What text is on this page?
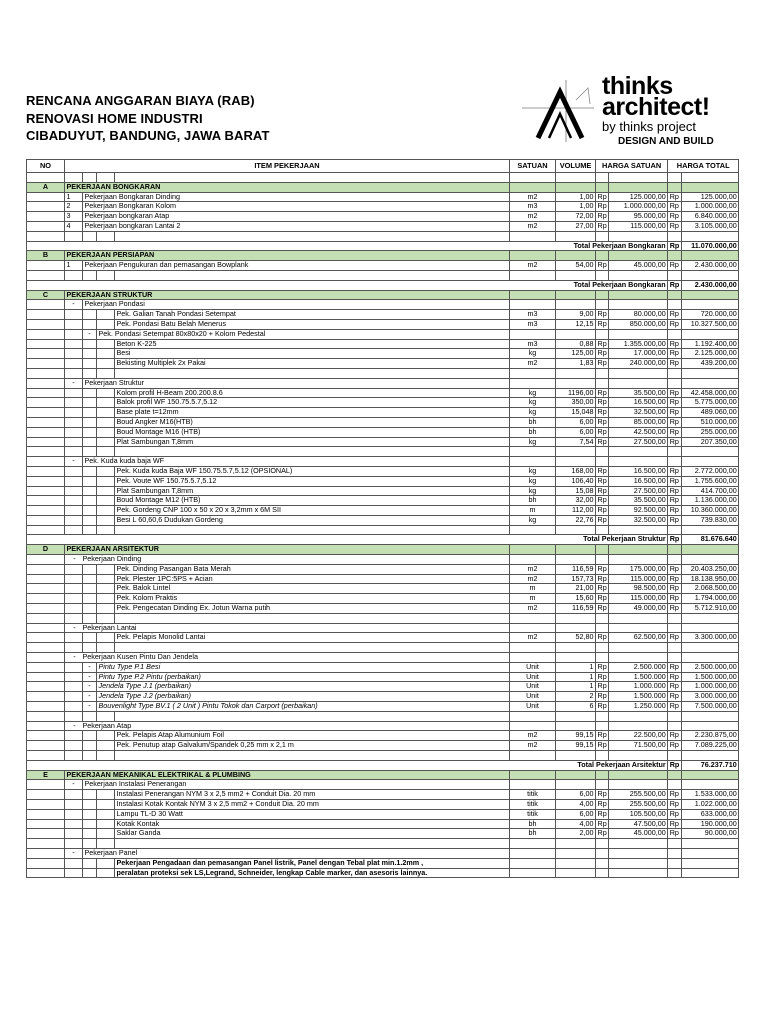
RENCANA ANGGARAN BIAYA (RAB)
RENOVASI HOME INDUSTRI
CIBADUYUT, BANDUNG, JAWA BARAT
thinks
architect!
by thinks project
DESIGN AND BUILD
NO	ITEM PEKERJAAN				SATUAN	VOLUME	HARGA SATUAN		HARGA TOTAL	

A	PEKERJAAN BONGKARAN									
	1	Pekerjaan Bongkaran Dinding			m2	1,00	Rp	125.000,00	Rp	125.000,00
	2	Pekerjaan Bongkaran Kolom			m3	1,00	Rp	1.000.000,00	Rp	1.000.000,00
	3	Pekerjaan bongkaran Atap			m2	72,00	Rp	95.000,00	Rp	6.840.000,00
	4	Pekerjaan bongkaran Lantai 2			m2	27,00	Rp	115.000,00	Rp	3.105.000,00

Total Pekerjaan Bongkaran									Rp	11.070.000,00
B	PEKERJAAN PERSIAPAN									
	1	Pekerjaan Pengukuran dan pemasangan Bowplank			m2	54,00	Rp	45.000,00	Rp	2.430.000,00

Total Pekerjaan Bongkaran									Rp	2.430.000,00
C	PEKERJAAN STRUKTUR									
	-	Pekerjaan Pondasi								
				Pek. Galian Tanah Pondasi Setempat	m3	9,00	Rp	80.000,00	Rp	720.000,00
				Pek. Pondasi Batu Belah Menerus	m3	12,15	Rp	850.000,00	Rp	10.327.500,00
		-	Pek. Pondasi Setempat 80x80x20 + Kolom Pedestal							
				Beton K-225	m3	0,88	Rp	1.355.000,00	Rp	1.192.400,00
				Besi	kg	125,00	Rp	17.000,00	Rp	2.125.000,00
				Bekisting Multiplek 2x Pakai	m2	1,83	Rp	240.000,00	Rp	439.200,00

	-	Pekerjaan Struktur								
				Kolom profil H-Beam 200.200.8.6	kg	1196,00	Rp	35.500,00	Rp	42.458.000,00
				Balok profil WF 150.75.5.7,5.12	kg	350,00	Rp	16.500,00	Rp	5.775.000,00
				Base plate t=12mm	kg	15,048	Rp	32.500,00	Rp	489.060,00
				Boud Angker M16(HTB)	bh	6,00	Rp	85.000,00	Rp	510.000,00
				Boud Montage M16 (HTB)	bh	6,00	Rp	42.500,00	Rp	255.000,00
				Plat Sambungan T,8mm	kg	7,54	Rp	27.500,00	Rp	207.350,00

	-	Pek. Kuda kuda baja WF								
				Pek. Kuda kuda Baja WF 150.75.5.7,5.12 (OPSIONAL)	kg	168,00	Rp	16.500,00	Rp	2.772.000,00
				Pek. Voute WF 150.75.5.7,5.12	kg	106,40	Rp	16.500,00	Rp	1.755.600,00
				Plat Sambungan T,8mm	kg	15,08	Rp	27.500,00	Rp	414.700,00
				Boud Montage M12 (HTB)	bh	32,00	Rp	35.500,00	Rp	1.136.000,00
				Pek. Gordeng CNP 100 x 50 x 20 x 3,2mm x 6M SII	m	112,00	Rp	92.500,00	Rp	10.360.000,00
				Besi L 60,60,6 Dudukan Gordeng	kg	22,76	Rp	32.500,00	Rp	739.830,00

Total Pekerjaan Struktur									Rp	81.676.640
D	PEKERJAAN ARSITEKTUR									
	- Pekerjaan Dinding									
				Pek. Dinding Pasangan Bata Merah	m2	116,59	Rp	175.000,00	Rp	20.403.250,00
				Pek. Plester 1PC:5PS + Acian	m2	157,73	Rp	115.000,00	Rp	18.138.950,00
				Pek. Balok Lintel	m	21,00	Rp	98.500,00	Rp	2.068.500,00
				Pek. Kolom Praktis	m	15,60	Rp	115.000,00	Rp	1.794.000,00
				Pek. Pengecatan Dinding Ex. Jotun Warna putih	m2	116,59	Rp	49.000,00	Rp	5.712.910,00

	- Pekerjaan Lantai									
				Pek. Pelapis Monolid Lantai	m2	52,80	Rp	62.500,00	Rp	3.300.000,00

	- Pekerjaan Kusen Pintu Dan Jendela									
		-	Pintu Type P.1 Besi		Unit	1	Rp	2.500.000	Rp	2.500.000,00
		-	Pintu Type P.2 Pintu (perbaikan)		Unit	1	Rp	1.500.000	Rp	1.500.000,00
		-	Jendela Type J.1 (perbaikan)		Unit	1	Rp	1.000.000	Rp	1.000.000,00
		-	Jendela Type J.2 (perbaikan)		Unit	2	Rp	1.500.000	Rp	3.000.000,00
		-	Bouvenlight Type BV.1 ( 2 Unit ) Pintu Tokok dan Carport (perbaikan)		Unit	6	Rp	1.250.000	Rp	7.500.000,00

	- Pekerjaan Atap									
				Pek. Pelapis Atap Alumunium Foil	m2	99,15	Rp	22.500,00	Rp	2.230.875,00
				Pek. Penutup atap Galvalum/Spandek 0,25 mm x 2,1 m	m2	99,15	Rp	71.500,00	Rp	7.089.225,00

Total Pekerjaan Arsitektur									Rp	76.237.710
E	PEKERJAAN MEKANIKAL ELEKTRIKAL & PLUMBING									
	-	Pekerjaan Instalasi Penerangan								
				Instalasi Penerangan NYM 3 x 2,5 mm2 + Conduit Dia. 20 mm	titik	6,00	Rp	255.500,00	Rp	1.533.000,00
				Instalasi Kotak Kontak NYM 3 x 2,5 mm2 + Conduit Dia. 20 mm	titik	4,00	Rp	255.500,00	Rp	1.022.000,00
				Lampu TL-D 30 Watt	titik	6,00	Rp	105.500,00	Rp	633.000,00
				Kotak Kontak	bh	4,00	Rp	47.500,00	Rp	190.000,00
				Saklar Ganda	bh	2,00	Rp	45.000,00	Rp	90.000,00

	-	Pekerjaan Panel								
				Pekerjaan Pengadaan dan pemasangan Panel listrik, Panel dengan Tebal plat min.1.2mm ,						
				peralatan proteksi sek LS,Legrand, Schneider, lengkap Cable marker, dan asesoris lainnya.						
